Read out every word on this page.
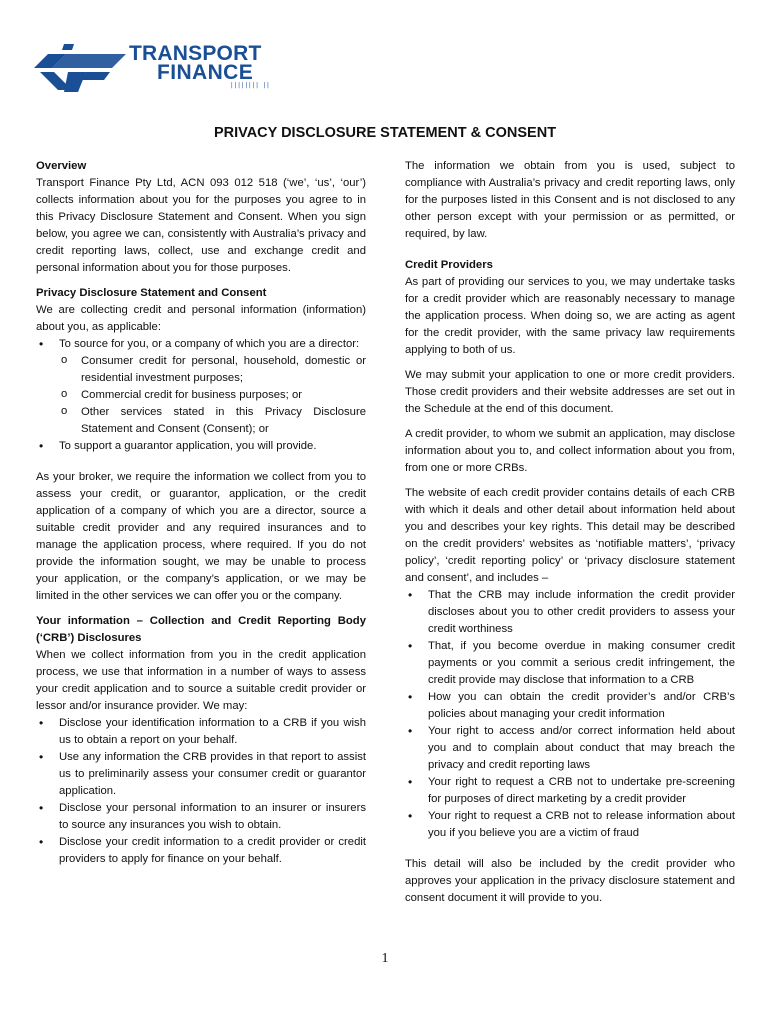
TRANSPORT
FINANCE
|||||||| ||
PRIVACY DISCLOSURE STATEMENT & CONSENT

Overview

Transport Finance Pty Ltd, ACN 093 012 518 (‘we’, ‘us’, ‘our’) collects information about you for the purposes you agree to in this Privacy Disclosure Statement and Consent. When you sign below, you agree we can, consistently with Australia’s privacy and credit reporting laws, collect, use and exchange credit and personal information about you for those purposes.

Privacy Disclosure Statement and Consent

We are collecting credit and personal information (information) about you, as applicable:

• To source for you, or a company of which you are a director:
o Consumer credit for personal, household, domestic or residential investment purposes;
o Commercial credit for business purposes; or
o Other services stated in this Privacy Disclosure Statement and Consent (Consent); or
• To support a guarantor application, you will provide.

As your broker, we require the information we collect from you to assess your credit, or guarantor, application, or the credit application of a company of which you are a director, source a suitable credit provider and any required insurances and to manage the application process, where required. If you do not provide the information sought, we may be unable to process your application, or the company’s application, or we may be limited in the other services we can offer you or the company.

Your information – Collection and Credit Reporting Body (‘CRB’) Disclosures

When we collect information from you in the credit application process, we use that information in a number of ways to assess your credit application and to source a suitable credit provider or lessor and/or insurance provider. We may:

• Disclose your identification information to a CRB if you wish us to obtain a report on your behalf.
• Use any information the CRB provides in that report to assist us to preliminarily assess your consumer credit or guarantor application.
• Disclose your personal information to an insurer or insurers to source any insurances you wish to obtain.
• Disclose your credit information to a credit provider or credit providers to apply for finance on your behalf.

The information we obtain from you is used, subject to compliance with Australia’s privacy and credit reporting laws, only for the purposes listed in this Consent and is not disclosed to any other person except with your permission or as permitted, or required, by law.

Credit Providers

As part of providing our services to you, we may undertake tasks for a credit provider which are reasonably necessary to manage the application process. When doing so, we are acting as agent for the credit provider, with the same privacy law requirements applying to both of us.

We may submit your application to one or more credit providers. Those credit providers and their website addresses are set out in the Schedule at the end of this document.

A credit provider, to whom we submit an application, may disclose information about you to, and collect information about you from, from one or more CRBs.

The website of each credit provider contains details of each CRB with which it deals and other detail about information held about you and describes your key rights. This detail may be described on the credit providers’ websites as ‘notifiable matters’, ‘privacy policy’, ‘credit reporting policy’ or ‘privacy disclosure statement and consent’, and includes –

• That the CRB may include information the credit provider discloses about you to other credit providers to assess your credit worthiness
• That, if you become overdue in making consumer credit payments or you commit a serious credit infringement, the credit provide may disclose that information to a CRB
• How you can obtain the credit provider’s and/or CRB’s policies about managing your credit information
• Your right to access and/or correct information held about you and to complain about conduct that may breach the privacy and credit reporting laws
• Your right to request a CRB not to undertake pre-screening for purposes of direct marketing by a credit provider
• Your right to request a CRB not to release information about you if you believe you are a victim of fraud

This detail will also be included by the credit provider who approves your application in the privacy disclosure statement and consent document it will provide to you.

1
